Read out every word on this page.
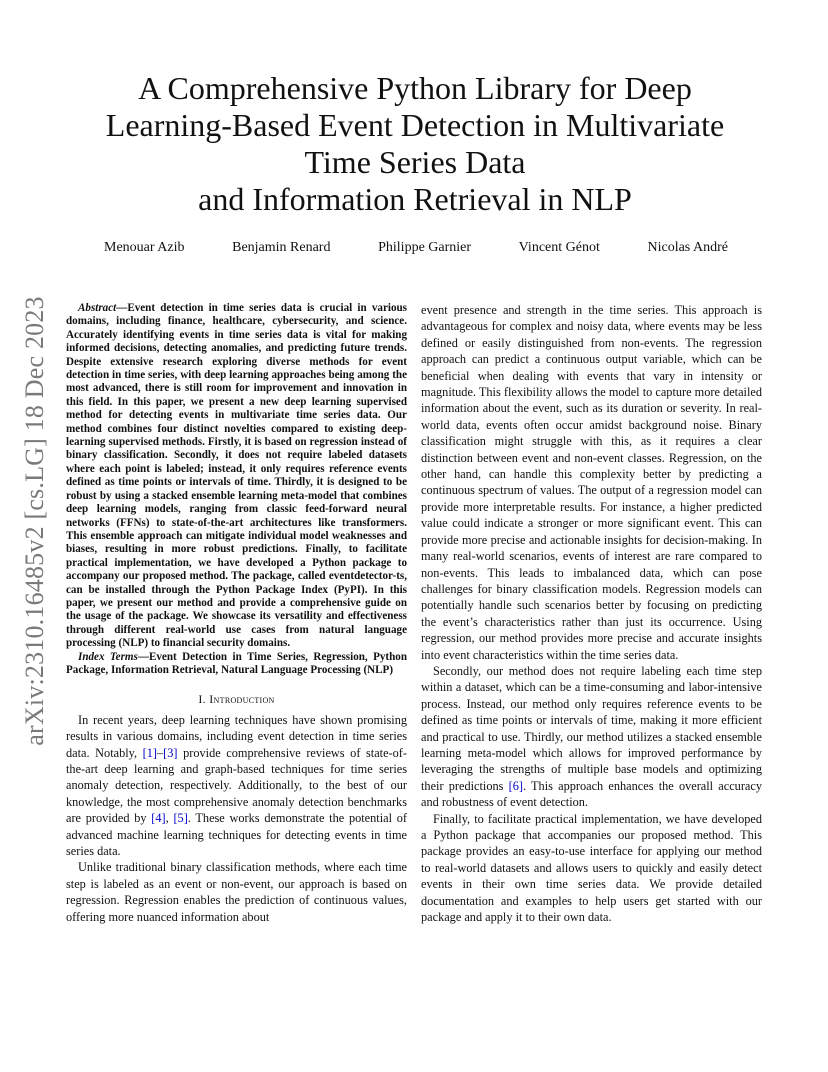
arXiv:2310.16485v2 [cs.LG] 18 Dec 2023
A Comprehensive Python Library for Deep
Learning-Based Event Detection in Multivariate
Time Series Data
and Information Retrieval in NLP
Menouar Azib	Benjamin Renard	Philippe Garnier	Vincent Génot	Nicolas André

Abstract—Event detection in time series data is crucial in various domains, including finance, healthcare, cybersecurity, and science. Accurately identifying events in time series data is vital for making informed decisions, detecting anomalies, and predicting future trends. Despite extensive research exploring diverse methods for event detection in time series, with deep learning approaches being among the most advanced, there is still room for improvement and innovation in this field. In this paper, we present a new deep learning supervised method for detecting events in multivariate time series data. Our method combines four distinct novelties compared to existing deep-learning supervised methods. Firstly, it is based on regression instead of binary classification. Secondly, it does not require labeled datasets where each point is labeled; instead, it only requires reference events defined as time points or intervals of time. Thirdly, it is designed to be robust by using a stacked ensemble learning meta-model that combines deep learning models, ranging from classic feed-forward neural networks (FFNs) to state-of-the-art architectures like transformers. This ensemble approach can mitigate individual model weaknesses and biases, resulting in more robust predictions. Finally, to facilitate practical implementation, we have developed a Python package to accompany our proposed method. The package, called eventdetector-ts, can be installed through the Python Package Index (PyPI). In this paper, we present our method and provide a comprehensive guide on the usage of the package. We showcase its versatility and effectiveness through different real-world use cases from natural language processing (NLP) to financial security domains.

Index Terms—Event Detection in Time Series, Regression, Python Package, Information Retrieval, Natural Language Processing (NLP)

I. Introduction

In recent years, deep learning techniques have shown promising results in various domains, including event detection in time series data. Notably, [1]–[3] provide comprehensive reviews of state-of-the-art deep learning and graph-based techniques for time series anomaly detection, respectively. Additionally, to the best of our knowledge, the most comprehensive anomaly detection benchmarks are provided by [4], [5]. These works demonstrate the potential of advanced machine learning techniques for detecting events in time series data.

Unlike traditional binary classification methods, where each time step is labeled as an event or non-event, our approach is based on regression. Regression enables the prediction of continuous values, offering more nuanced information about

event presence and strength in the time series. This approach is advantageous for complex and noisy data, where events may be less defined or easily distinguished from non-events. The regression approach can predict a continuous output variable, which can be beneficial when dealing with events that vary in intensity or magnitude. This flexibility allows the model to capture more detailed information about the event, such as its duration or severity. In real-world data, events often occur amidst background noise. Binary classification might struggle with this, as it requires a clear distinction between event and non-event classes. Regression, on the other hand, can handle this complexity better by predicting a continuous spectrum of values. The output of a regression model can provide more interpretable results. For instance, a higher predicted value could indicate a stronger or more significant event. This can provide more precise and actionable insights for decision-making. In many real-world scenarios, events of interest are rare compared to non-events. This leads to imbalanced data, which can pose challenges for binary classification models. Regression models can potentially handle such scenarios better by focusing on predicting the event’s characteristics rather than just its occurrence. Using regression, our method provides more precise and accurate insights into event characteristics within the time series data.

Secondly, our method does not require labeling each time step within a dataset, which can be a time-consuming and labor-intensive process. Instead, our method only requires reference events to be defined as time points or intervals of time, making it more efficient and practical to use. Thirdly, our method utilizes a stacked ensemble learning meta-model which allows for improved performance by leveraging the strengths of multiple base models and optimizing their predictions [6]. This approach enhances the overall accuracy and robustness of event detection.

Finally, to facilitate practical implementation, we have developed a Python package that accompanies our proposed method. This package provides an easy-to-use interface for applying our method to real-world datasets and allows users to quickly and easily detect events in their own time series data. We provide detailed documentation and examples to help users get started with our package and apply it to their own data.
